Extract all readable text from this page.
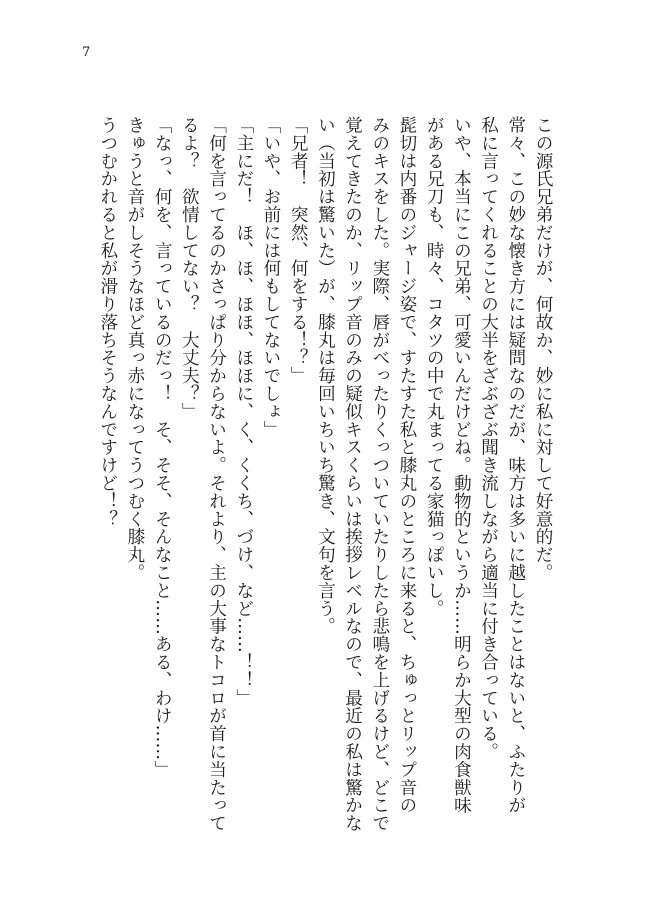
7
この源氏兄弟だけが、何故か、妙に私に対して好意的だ。
常々、この妙な懐き方には疑問なのだが、味方は多いに越したことはないと、ふたりが
私に言ってくれることの大半をざぶざぶ聞き流しながら適当に付き合っている。
いや、本当にこの兄弟、可愛いんだけどね。動物的というか……明らか大型の肉食獣味
がある兄刀も、時々、コタツの中で丸まってる家猫っぽいし。
髭切は内番のジャージ姿で、すたすた私と膝丸のところに来ると、ちゅっとリップ音の
みのキスをした。実際、唇がべったりくっついていたりしたら悲鳴を上げるけど、どこで
覚えてきたのか、リップ音のみの疑似キスくらいは挨拶レベルなので、最近の私は驚かな
い（当初は驚いた）が、膝丸は毎回いちいち驚き、文句を言う。
「兄者！　突然、何をする！？」
「いや、お前には何もしてないでしょ」
「主にだ！　ほ、ほ、ほほ、ほほに、く、くくち、づけ、など……！！」
「何を言ってるのかさっぱり分からないよ。それより、主の大事なトコロが首に当たって
るよ？　欲情してない？　大丈夫？」
「なっ、何を、言っているのだっ！　そ、そそ、そんなこと……ある、わけ……」
きゅうと音がしそうなほど真っ赤になってうつむく膝丸。
うつむかれると私が滑り落ちそうなんですけど！？
